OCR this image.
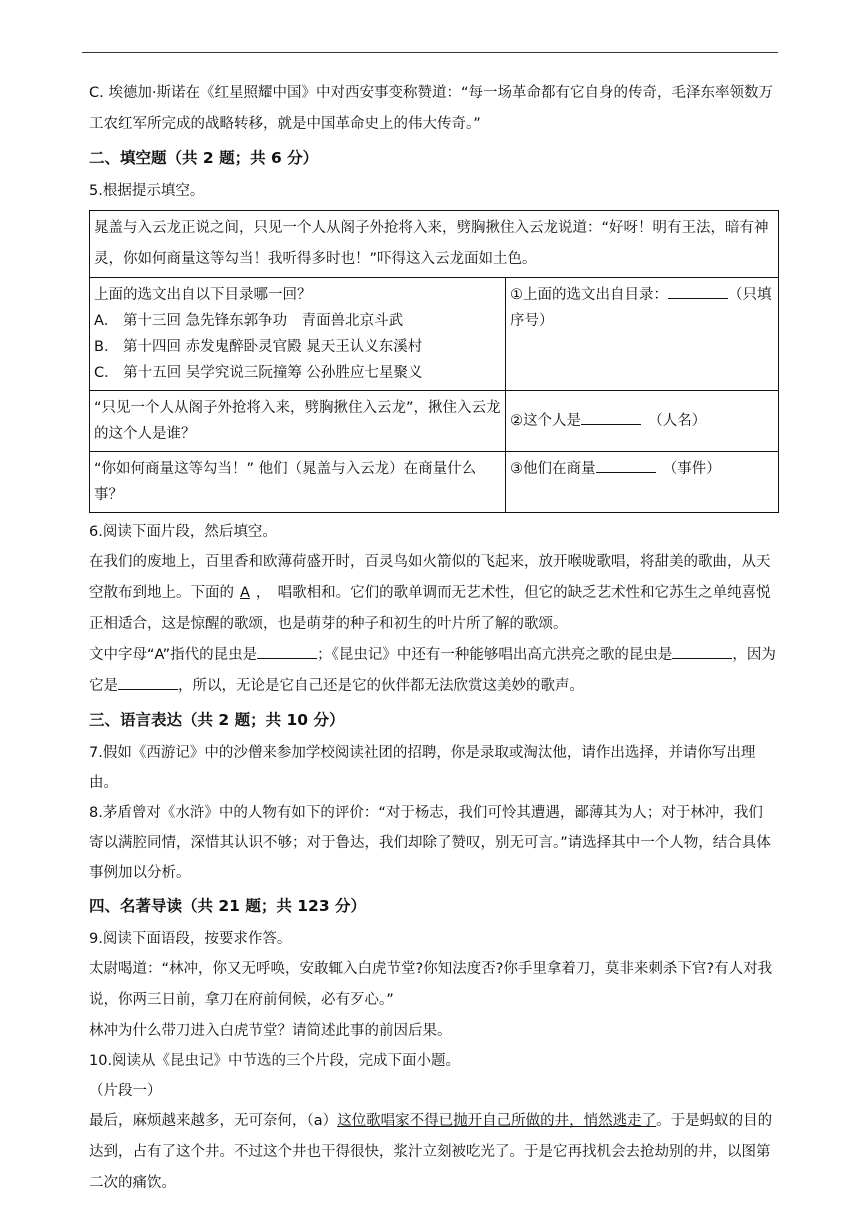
C. 埃德加·斯诺在《红星照耀中国》中对西安事变称赞道：“每一场革命都有它自身的传奇，毛泽东率领数万工农红军所完成的战略转移，就是中国革命史上的伟大传奇。”

二、填空题（共 2 题；共 6 分）

5.根据提示填空。

晁盖与入云龙正说之间，只见一个人从阁子外抢将入来，劈胸揪住入云龙说道：“好呀！明有王法，暗有神灵，你如何商量这等勾当！我听得多时也！”吓得这入云龙面如土色。	

上面的选文出自以下目录哪一回？
A． 第十三回 急先锋东郭争功　青面兽北京斗武
B． 第十四回 赤发鬼醉卧灵官殿 晁天王认义东溪村
C． 第十五回 吴学究说三阮撞筹 公孙胜应七星聚义	①上面的选文出自目录： （只填序号）
“只见一个人从阁子外抢将入来，劈胸揪住入云龙”，揪住入云龙的这个人是谁？	②这个人是　 （人名）
“你如何商量这等勾当！” 他们（晁盖与入云龙）在商量什么事？	③他们在商量　 （事件）

6.阅读下面片段，然后填空。

在我们的废地上，百里香和欧薄荷盛开时，百灵鸟如火箭似的飞起来，放开喉咙歌唱，将甜美的歌曲，从天空散布到地上。下面的 A ，　唱歌相和。它们的歌单调而无艺术性，但它的缺乏艺术性和它苏生之单纯喜悦正相适合，这是惊醒的歌颂，也是萌芽的种子和初生的叶片所了解的歌颂。

文中字母“A”指代的昆虫是	；《昆虫记》中还有一种能够唱出高亢洪亮之歌的昆虫是	，因为它是	，所以，无论是它自己还是它的伙伴都无法欣赏这美妙的歌声。

三、语言表达（共 2 题；共 10 分）

7.假如《西游记》中的沙僧来参加学校阅读社团的招聘，你是录取或淘汰他，请作出选择，并请你写出理由。

8.茅盾曾对《水浒》中的人物有如下的评价：“对于杨志，我们可怜其遭遇，鄙薄其为人；对于林冲，我们寄以满腔同情，深惜其认识不够；对于鲁达，我们却除了赞叹，别无可言。”请选择其中一个人物，结合具体事例加以分析。

四、名著导读（共 21 题；共 123 分）

9.阅读下面语段，按要求作答。

太尉喝道：“林冲，你又无呼唤，安敢辄入白虎节堂?你知法度否?你手里拿着刀，莫非来刺杀下官?有人对我说，你两三日前，拿刀在府前伺候，必有歹心。”

林冲为什么带刀进入白虎节堂？请简述此事的前因后果。

10.阅读从《昆虫记》中节选的三个片段，完成下面小题。

（片段一）

最后，麻烦越来越多，无可奈何，（a）这位歌唱家不得已抛开自己所做的井，悄然逃走了。于是蚂蚁的目的达到，占有了这个井。不过这个井也干得很快，浆汁立刻被吃光了。于是它再找机会去抢劫别的井，以图第二次的痛饮。
